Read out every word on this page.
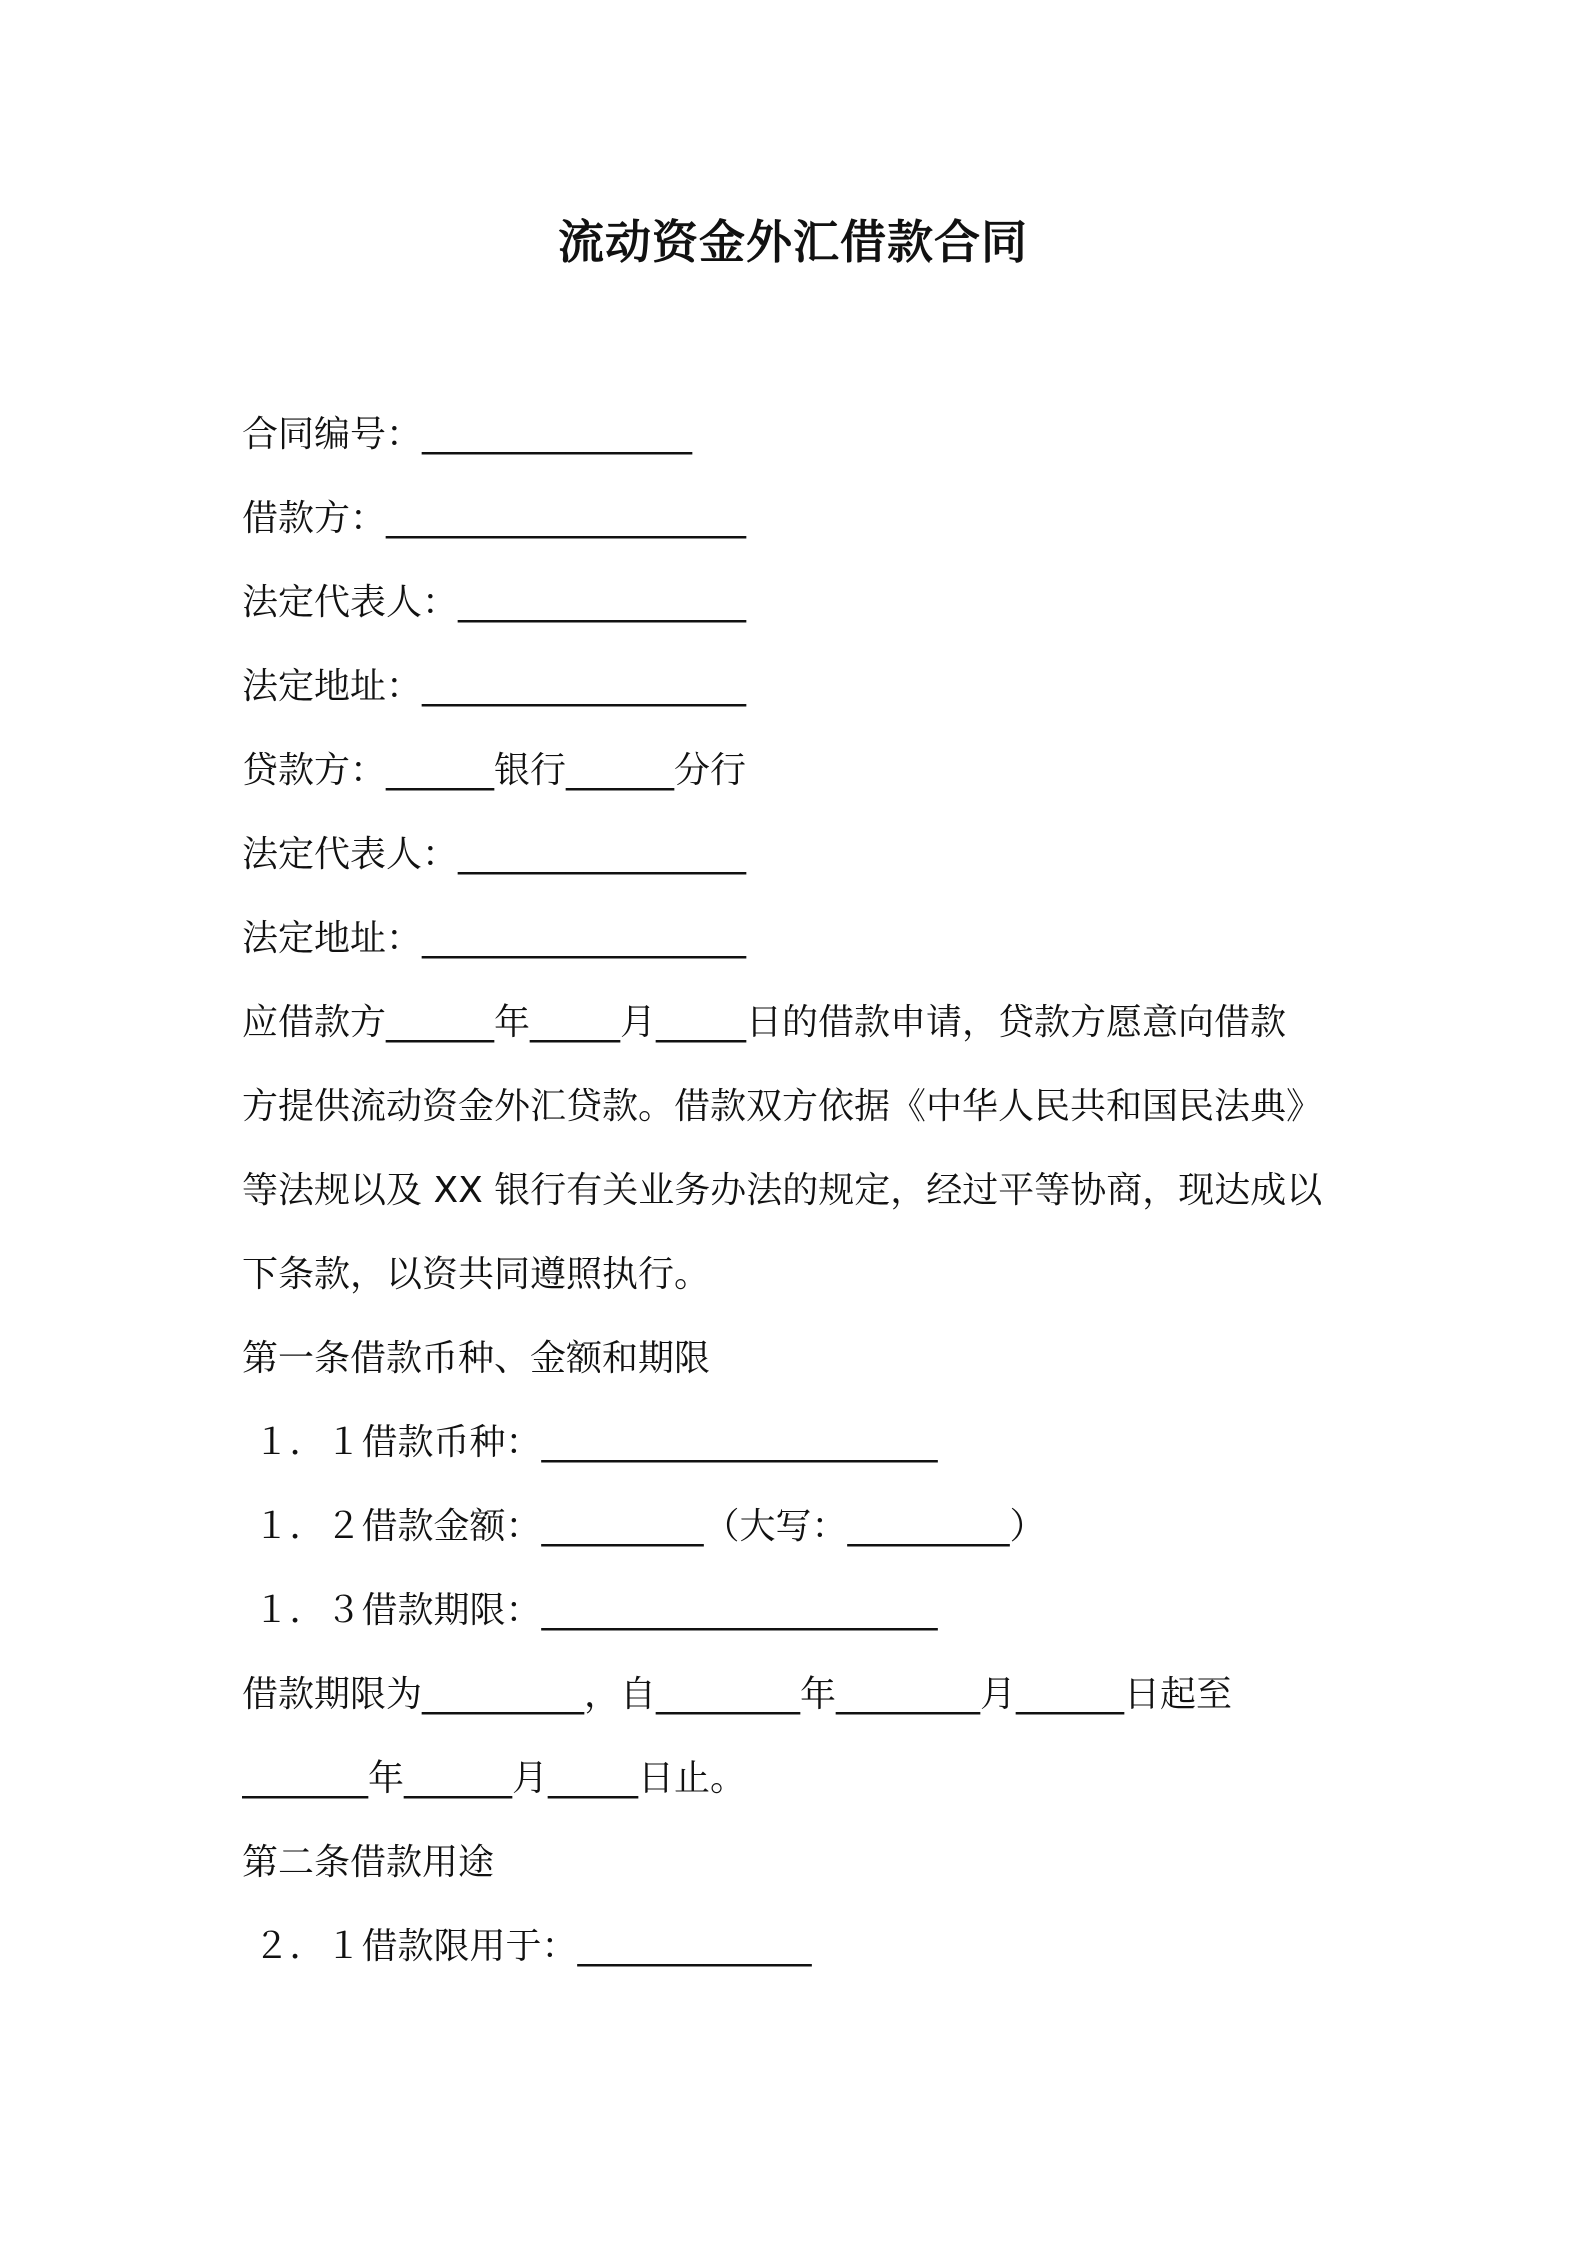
流动资金外汇借款合同
合同编号：_______________
借款方：____________________
法定代表人：________________
法定地址：__________________
贷款方：______银行______分行
法定代表人：________________
法定地址：__________________
应借款方______年_____月_____日的借款申请，贷款方愿意向借款
方提供流动资金外汇贷款。借款双方依据《中华人民共和国民法典》
等法规以及 XX 银行有关业务办法的规定，经过平等协商，现达成以
下条款，以资共同遵照执行。
第一条借款币种、金额和期限
１．１借款币种：______________________
１．２借款金额：_________（大写：_________）
１．３借款期限：______________________
借款期限为_________，自________年________月______日起至
_______年______月_____日止。
第二条借款用途
２．１借款限用于：_____________
